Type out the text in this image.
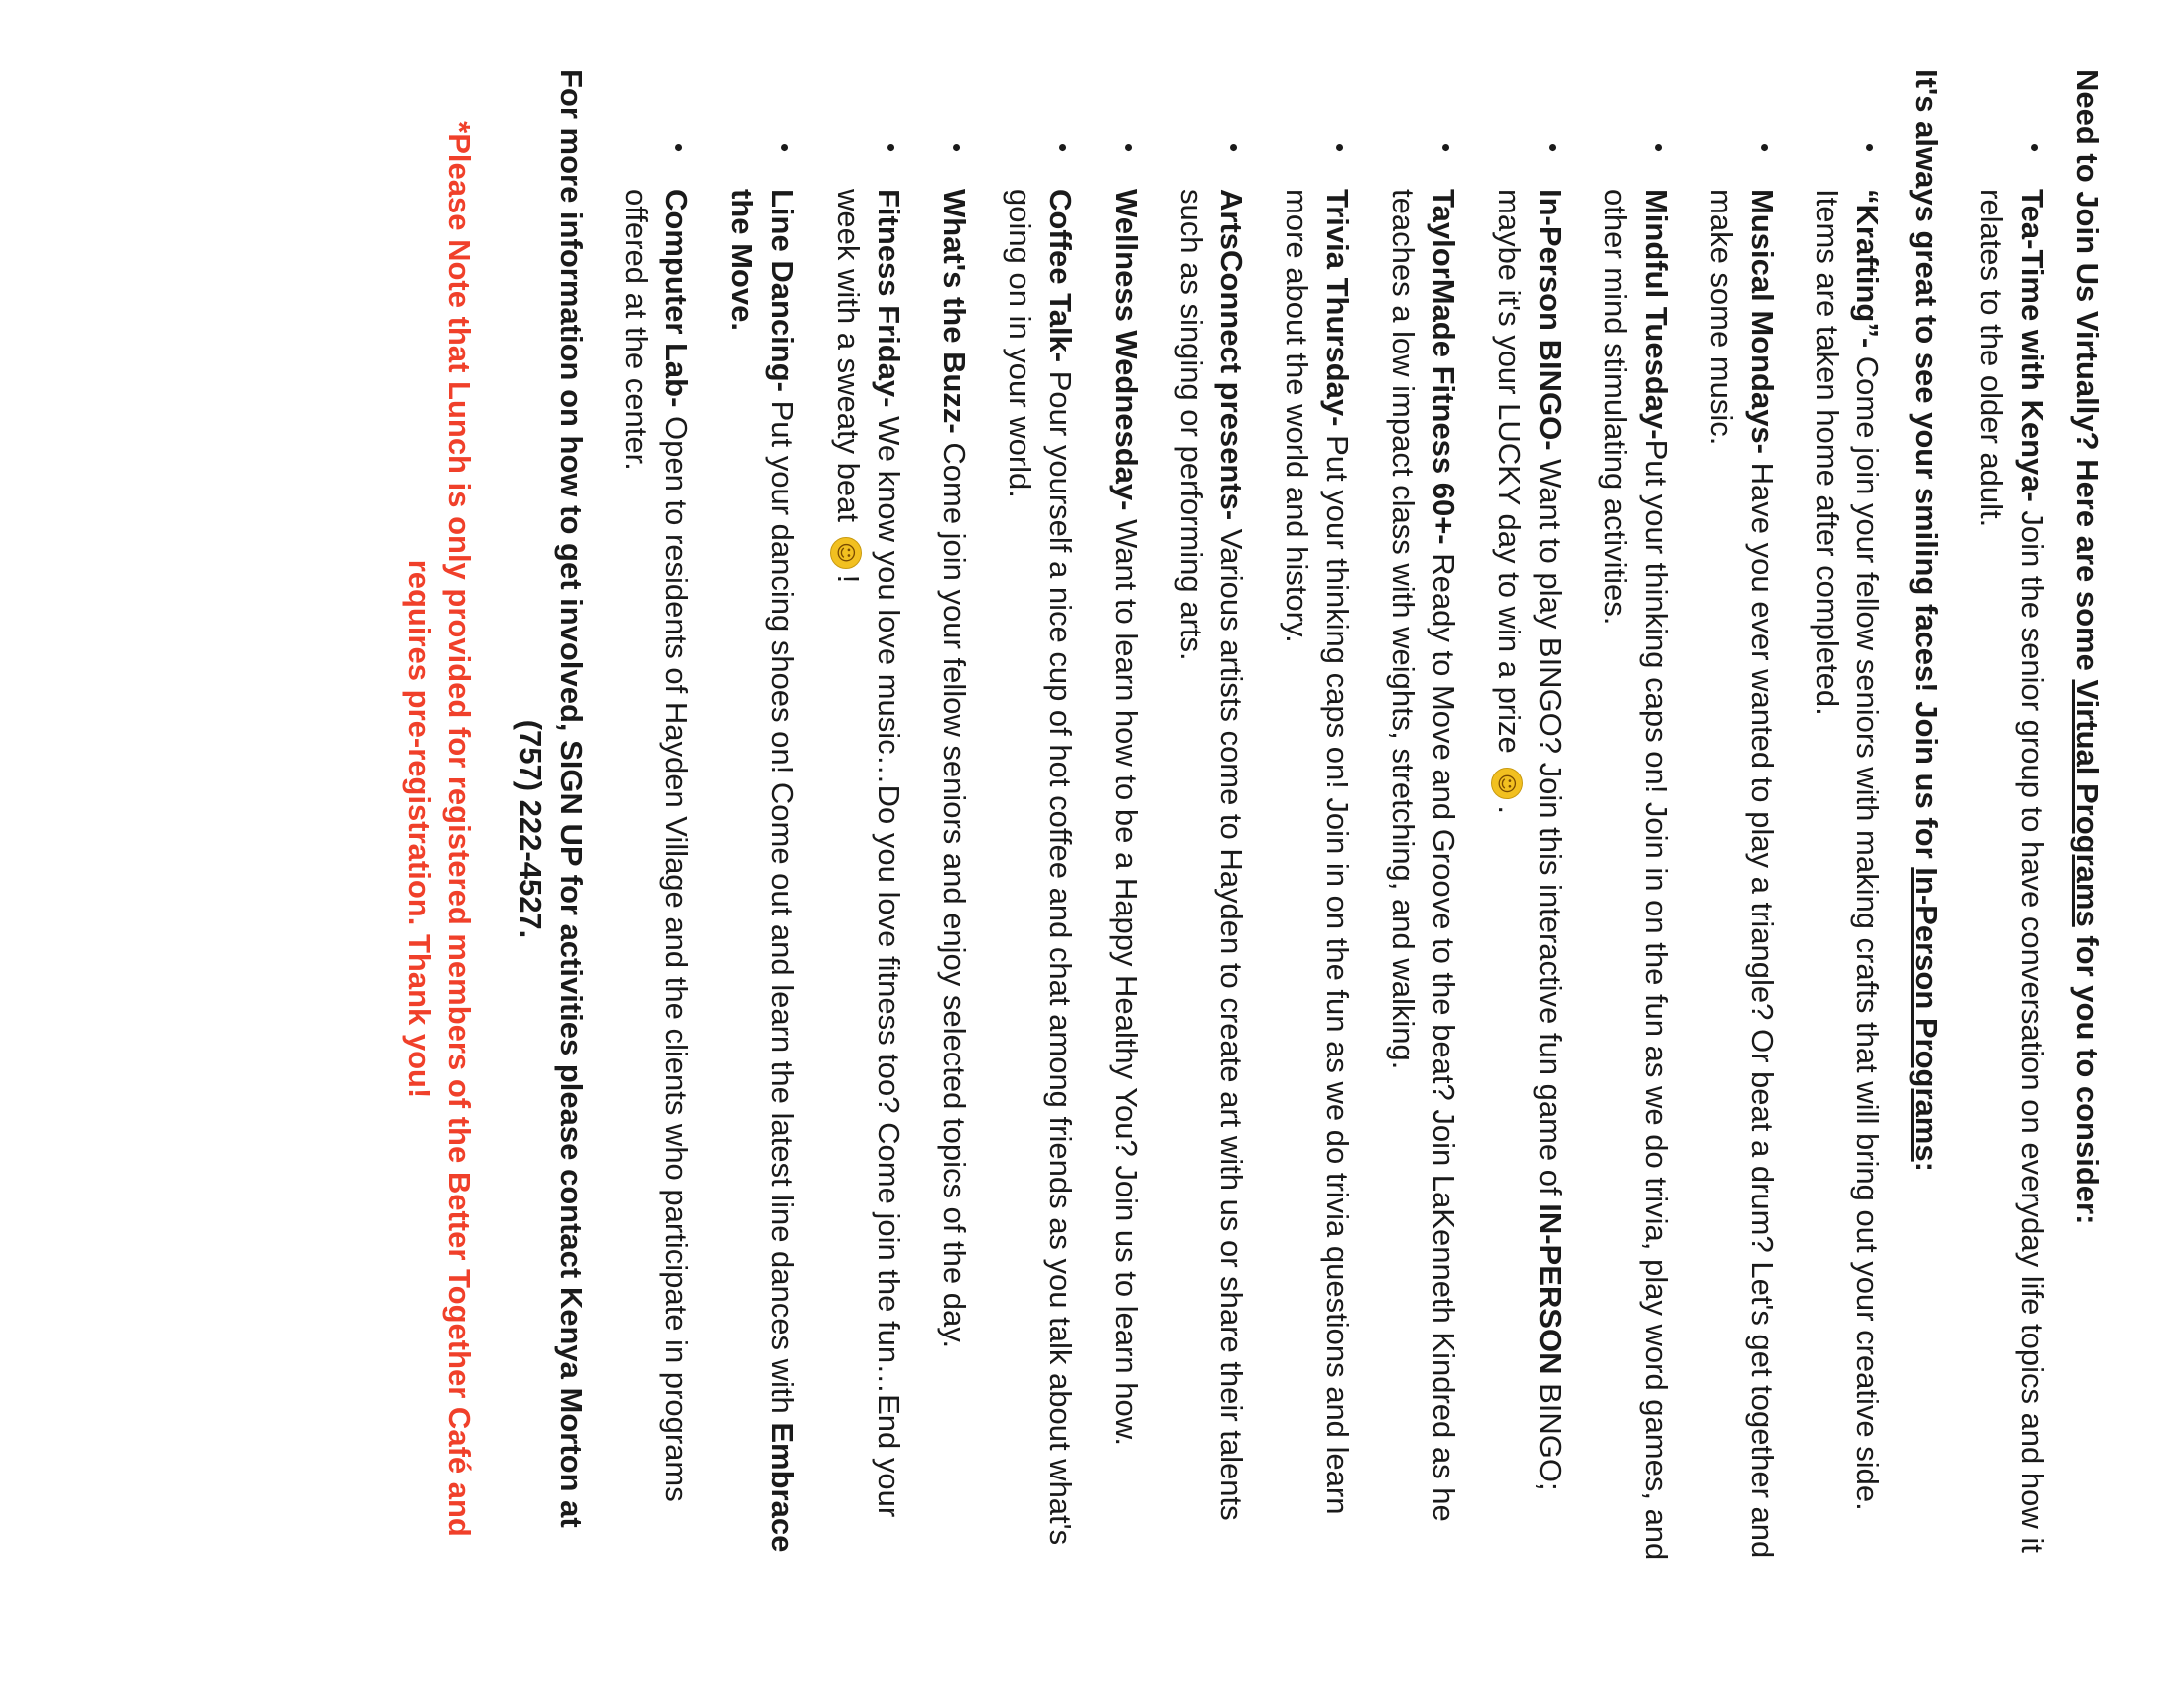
Need to Join Us Virtually? Here are some Virtual Programs for you to consider:

•
Tea-Time with Kenya- Join the senior group to have conversation on everyday life topics and how it relates to the older adult.

It's always great to see your smiling faces! Join us for In-Person Programs:

•
“Krafting”- Come join your fellow seniors with making crafts that will bring out your creative side. Items are taken home after completed.
•
Musical Mondays- Have you ever wanted to play a triangle? Or beat a drum? Let's get together and make some music.
•
Mindful Tuesday-Put your thinking caps on! Join in on the fun as we do trivia, play word games, and other mind stimulating activities.
•
In-Person BINGO- Want to play BINGO? Join this interactive fun game of IN-PERSON BINGO; maybe it's your LUCKY day to win a prize ☺.
•
TaylorMade Fitness 60+- Ready to Move and Groove to the beat? Join LaKenneth Kindred as he teaches a low impact class with weights, stretching, and walking.
•
Trivia Thursday- Put your thinking caps on! Join in on the fun as we do trivia questions and learn more about the world and history.
•
ArtsConnect presents- Various artists come to Hayden to create art with us or share their talents such as singing or performing arts.
•
Wellness Wednesday- Want to learn how to be a Happy Healthy You? Join us to learn how.
•
Coffee Talk- Pour yourself a nice cup of hot coffee and chat among friends as you talk about what's going on in your world.
•
What's the Buzz- Come join your fellow seniors and enjoy selected topics of the day.
•
Fitness Friday- We know you love music…Do you love fitness too? Come join the fun…End your week with a sweaty beat ☺!
•
Line Dancing- Put your dancing shoes on! Come out and learn the latest line dances with Embrace the Move.
•
Computer Lab- Open to residents of Hayden Village and the clients who participate in programs offered at the center.

For more information on how to get involved, SIGN UP for activities please contact Kenya Morton at
(757) 222-4527.

*Please Note that Lunch is only provided for registered members of the Better Together Café and requires pre-registration. Thank you!
